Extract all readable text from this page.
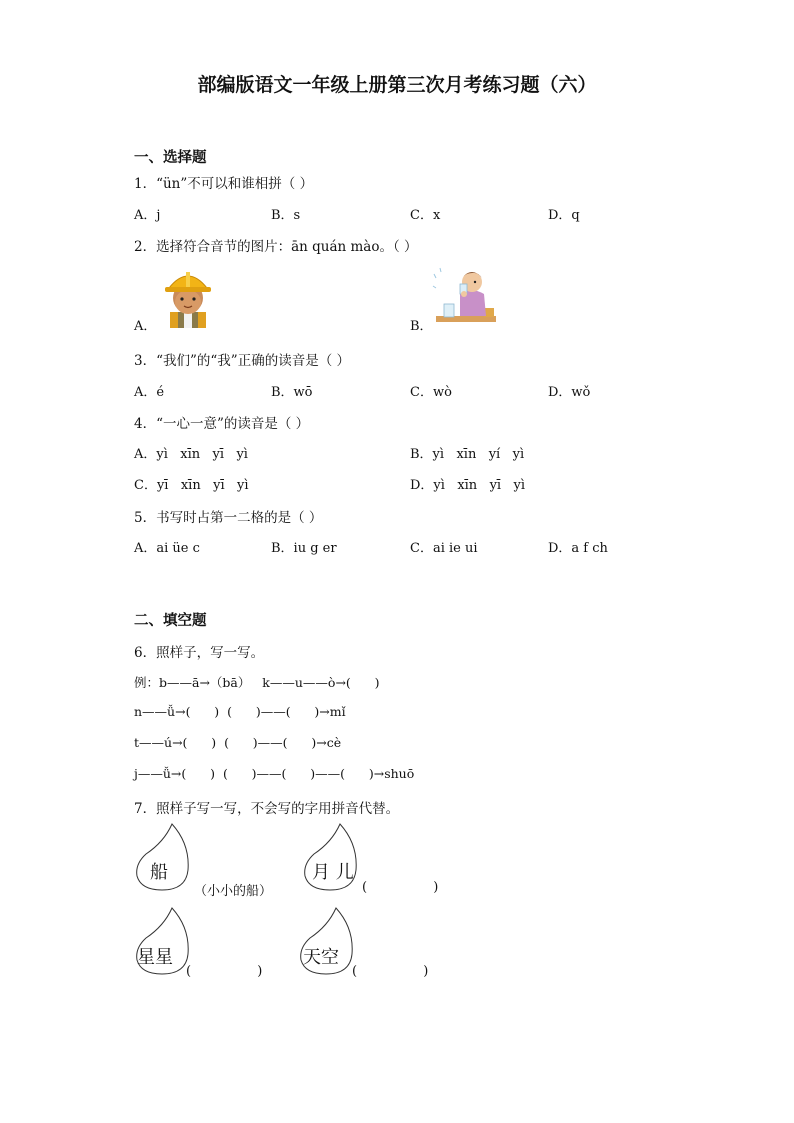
部编版语文一年级上册第三次月考练习题（六）
一、选择题
1．“ün”不可以和谁相拼（ ）
A．j	B．s	C．x	D．q
2．选择符合音节的图片：ān quán mào。（ ）
A．	B．
3．“我们”的“我”正确的读音是（ ）
A．é	B．wō	C．wò	D．wǒ
4．“一心一意”的读音是（ ）
A．yì   xīn   yī   yì	B．yì   xīn   yí   yì
C．yī   xīn   yī   yì	D．yì   xīn   yī   yì
5．书写时占第一二格的是（ ）
A．ai üe c	B．iu g er	C．ai ie ui	D．a f ch
二、填空题
6．照样子，写一写。
例：b——ā→（bā）   k——u——ò→(      )
n——ǚ→(      )  (      )——(      )→mǐ
t——ú→(      )  (      )——(      )→cè
j——ǚ→(      )  (      )——(      )——(      )→shuō
7．照样子写一写，不会写的字用拼音代替。
船
（小小的船）
月 儿
(                )
星星
(                )
天空
(                )
